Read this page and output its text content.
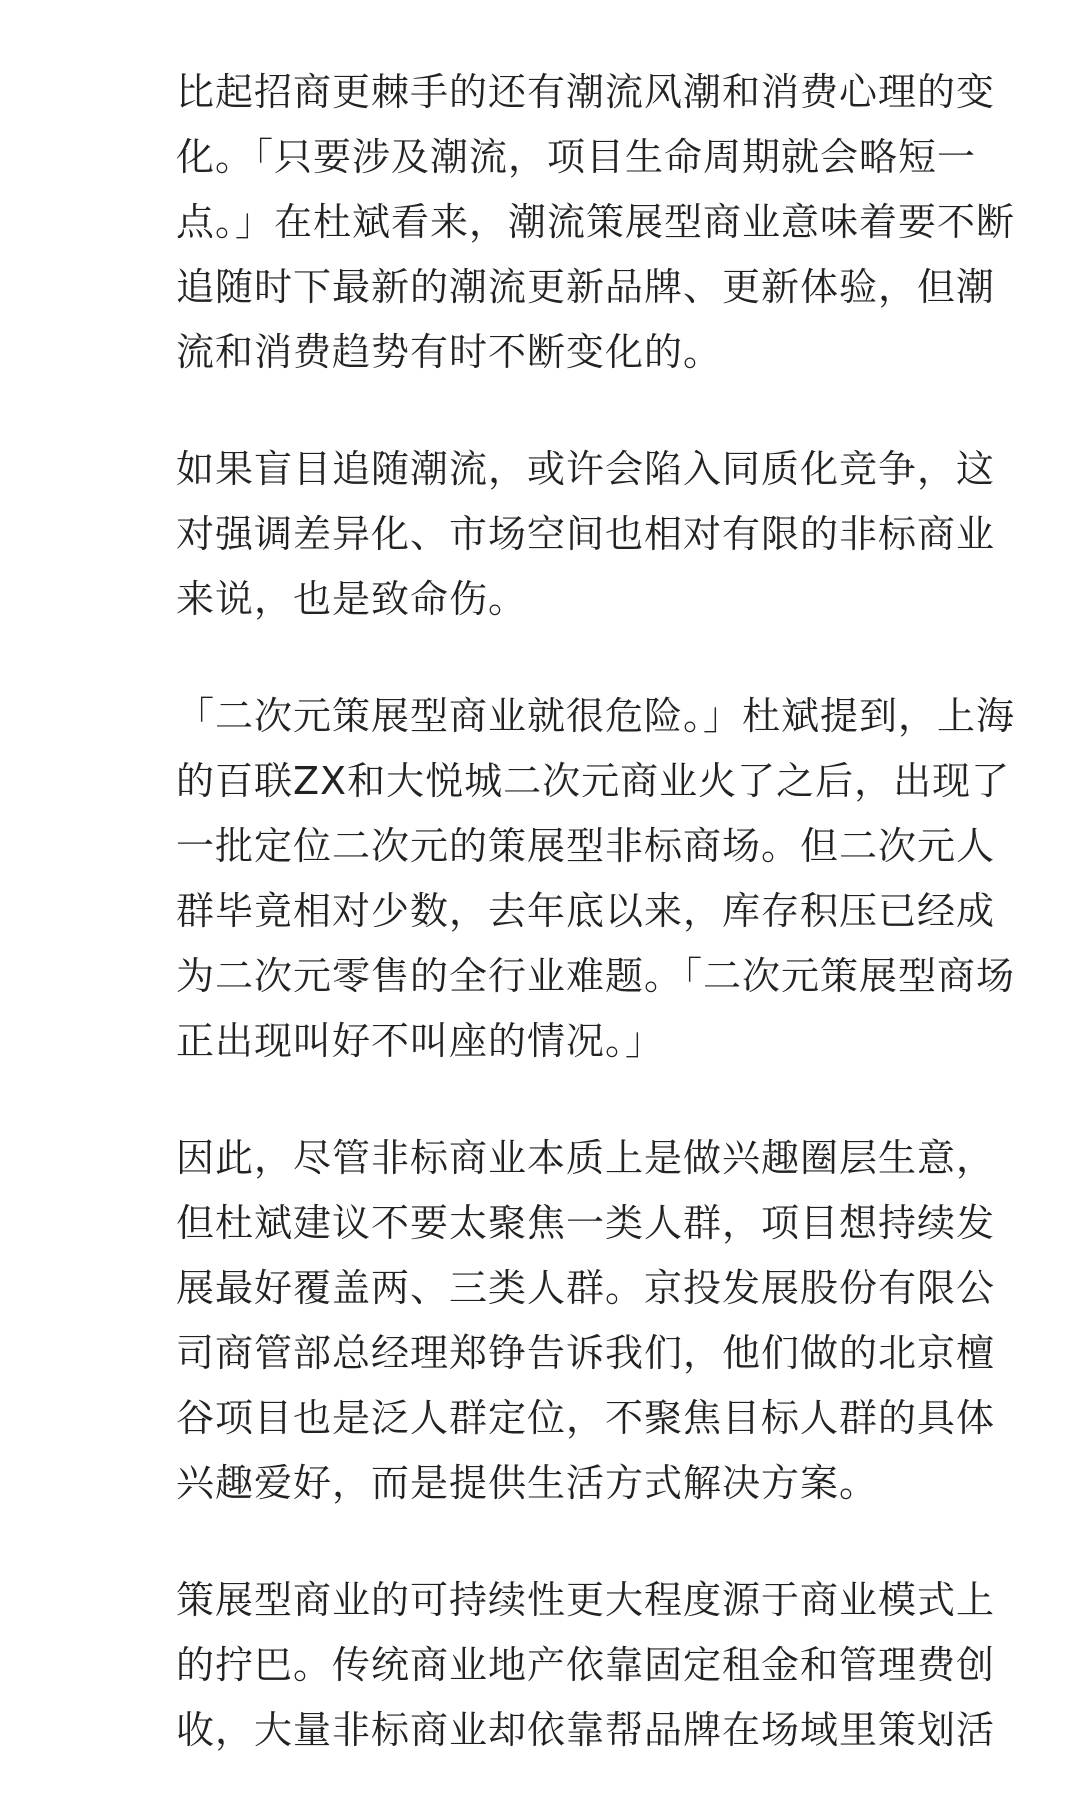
比起招商更棘手的还有潮流风潮和消费心理的变化。「只要涉及潮流，项目生命周期就会略短一点。」在杜斌看来，潮流策展型商业意味着要不断追随时下最新的潮流更新品牌、更新体验，但潮流和消费趋势有时不断变化的。

如果盲目追随潮流，或许会陷入同质化竞争，这对强调差异化、市场空间也相对有限的非标商业来说，也是致命伤。

「二次元策展型商业就很危险。」杜斌提到，上海的百联ZX和大悦城二次元商业火了之后，出现了一批定位二次元的策展型非标商场。但二次元人群毕竟相对少数，去年底以来，库存积压已经成为二次元零售的全行业难题。「二次元策展型商场正出现叫好不叫座的情况。」

因此，尽管非标商业本质上是做兴趣圈层生意，但杜斌建议不要太聚焦一类人群，项目想持续发展最好覆盖两、三类人群。京投发展股份有限公司商管部总经理郑铮告诉我们，他们做的北京檀谷项目也是泛人群定位，不聚焦目标人群的具体兴趣爱好，而是提供生活方式解决方案。

策展型商业的可持续性更大程度源于商业模式上的拧巴。传统商业地产依靠固定租金和管理费创收，大量非标商业却依靠帮品牌在场域里策划活
